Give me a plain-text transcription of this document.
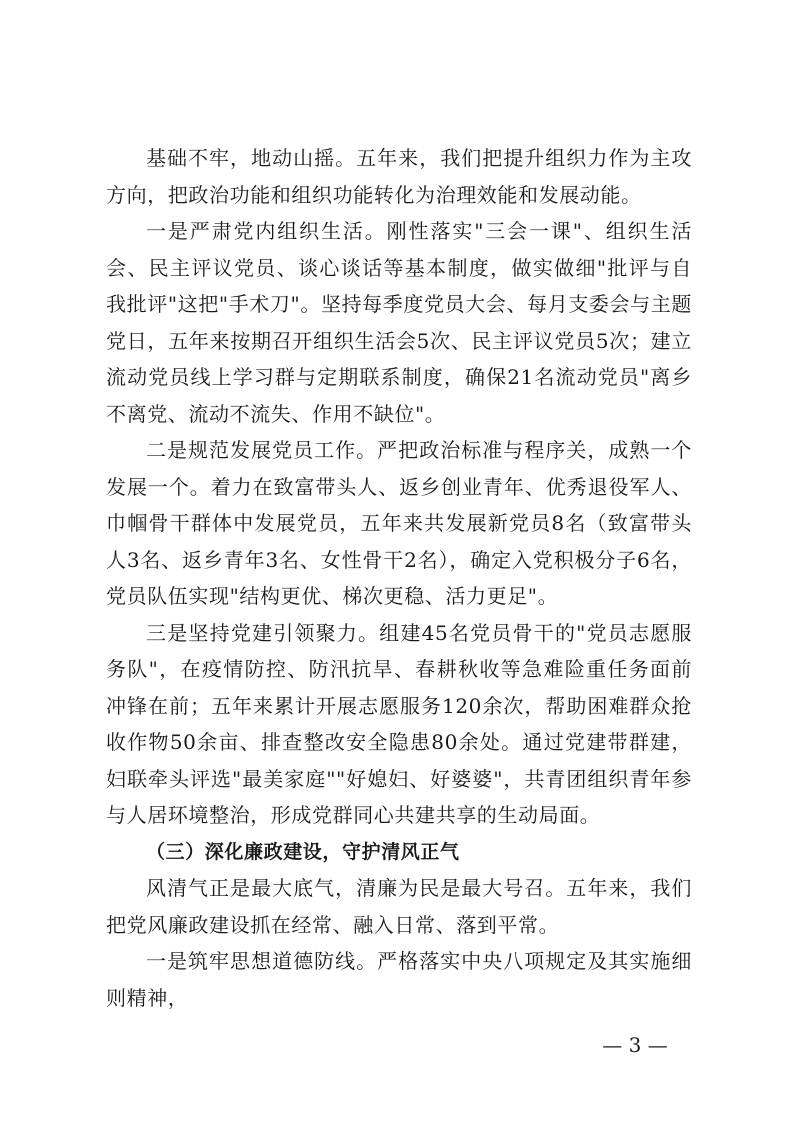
基础不牢，地动山摇。五年来，我们把提升组织力作为主攻方向，把政治功能和组织功能转化为治理效能和发展动能。

一是严肃党内组织生活。刚性落实"三会一课"、组织生活会、民主评议党员、谈心谈话等基本制度，做实做细"批评与自我批评"这把"手术刀"。坚持每季度党员大会、每月支委会与主题党日，五年来按期召开组织生活会5次、民主评议党员5次；建立流动党员线上学习群与定期联系制度，确保21名流动党员"离乡不离党、流动不流失、作用不缺位"。

二是规范发展党员工作。严把政治标准与程序关，成熟一个发展一个。着力在致富带头人、返乡创业青年、优秀退役军人、巾帼骨干群体中发展党员，五年来共发展新党员8名（致富带头人3名、返乡青年3名、女性骨干2名），确定入党积极分子6名，党员队伍实现"结构更优、梯次更稳、活力更足"。

三是坚持党建引领聚力。组建45名党员骨干的"党员志愿服务队"，在疫情防控、防汛抗旱、春耕秋收等急难险重任务面前冲锋在前；五年来累计开展志愿服务120余次，帮助困难群众抢收作物50余亩、排查整改安全隐患80余处。通过党建带群建，妇联牵头评选"最美家庭""好媳妇、好婆婆"，共青团组织青年参与人居环境整治，形成党群同心共建共享的生动局面。

（三）深化廉政建设，守护清风正气

风清气正是最大底气，清廉为民是最大号召。五年来，我们把党风廉政建设抓在经常、融入日常、落到平常。

一是筑牢思想道德防线。严格落实中央八项规定及其实施细则精神，

— 3 —
